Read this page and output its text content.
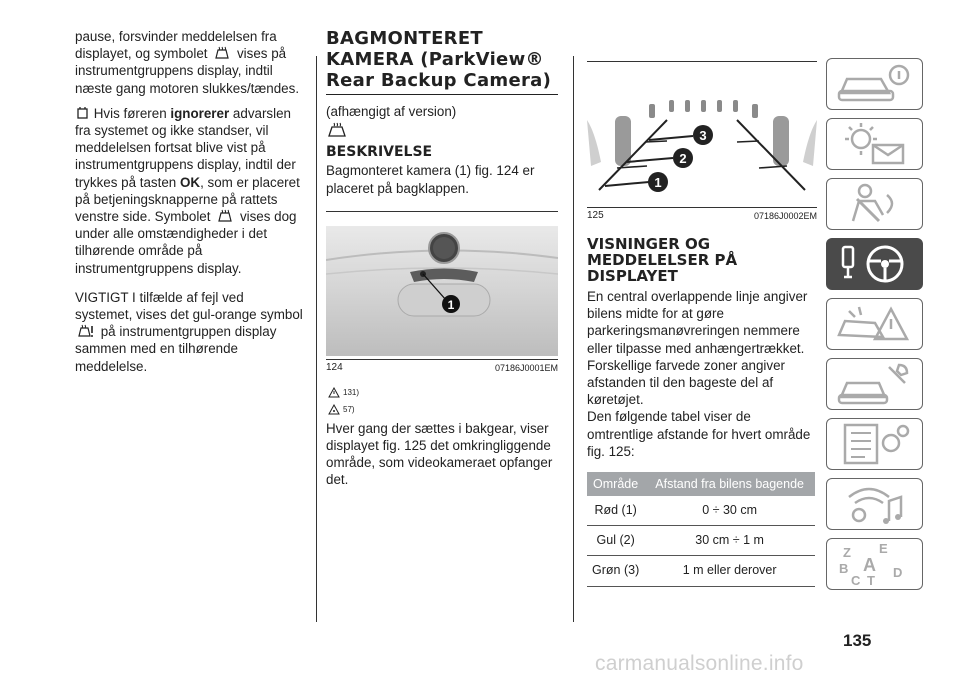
pause, forsvinder meddelelsen fra displayet, og symbolet vises på instrumentgruppens display, indtil næste gang motoren slukkes/tændes.

Hvis føreren ignorerer advarslen fra systemet og ikke standser, vil meddelelsen fortsat blive vist på instrumentgruppens display, indtil der trykkes på tasten OK, som er placeret på betjeningsknapperne på rattets venstre side. Symbolet vises dog under alle omstændigheder i det tilhørende område på instrumentgruppens display.

VIGTIGT I tilfælde af fejl ved systemet, vises det gul-orange symbol  på instrumentgruppen display sammen med en tilhørende meddelelse.

BAGMONTERET KAMERA (ParkView® Rear Backup Camera)
(afhængigt af version)
BESKRIVELSE

Bagmonteret kamera (1) fig. 124 er placeret på bagklappen.

1
124	07186J0001EM
131)
57)

Hver gang der sættes i bakgear, viser displayet fig. 125 det omkringliggende område, som videokameraet opfanger det.

1
2
3
125	07186J0002EM
VISNINGER OG MEDDELELSER PÅ DISPLAYET

En central overlappende linje angiver bilens midte for at gøre parkeringsmanøvreringen nemmere eller tilpasse med anhængertrækket. Forskellige farvede zoner angiver afstanden til den bageste del af køretøjet.

Den følgende tabel viser de omtrentlige afstande for hvert område fig. 125:

Område	Afstand fra bilens bagende
Rød (1)	0 ÷ 30 cm
Gul (2)	30 cm ÷ 1 m
Grøn (3)	1 m eller derover
Z E
B A
C T
D
135
carmanualsonline.info
